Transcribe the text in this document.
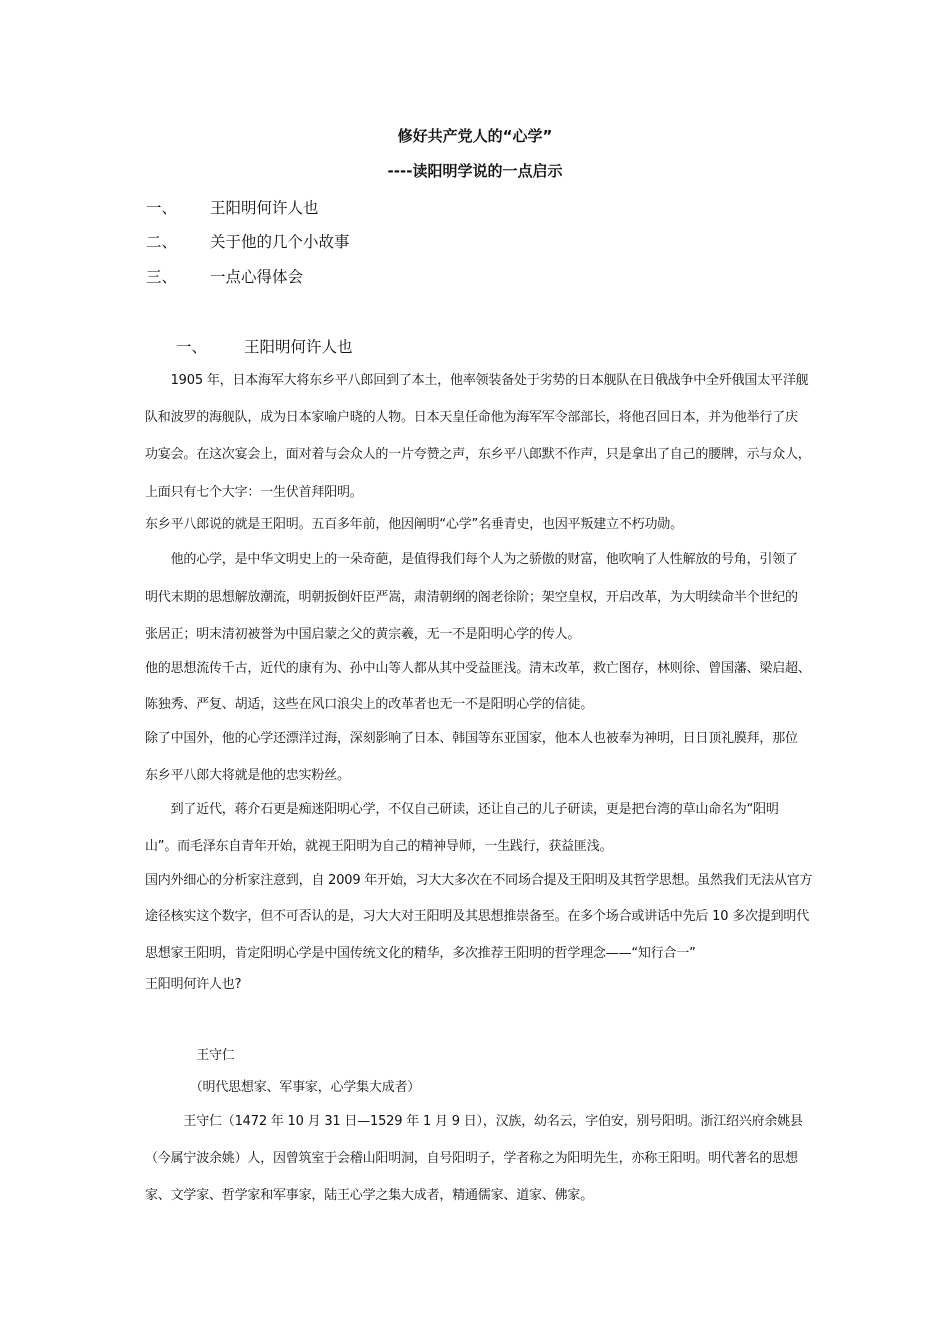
修好共产党人的“心学”
----读阳明学说的一点启示
一、 王阳明何许人也
二、 关于他的几个小故事
三、 一点心得体会
一、 王阳明何许人也
　　1905 年，日本海军大将东乡平八郎回到了本土，他率领装备处于劣势的日本舰队在日俄战争中全歼俄国太平洋舰
队和波罗的海舰队，成为日本家喻户晓的人物。日本天皇任命他为海军军令部部长，将他召回日本，并为他举行了庆
功宴会。在这次宴会上，面对着与会众人的一片夸赞之声，东乡平八郎默不作声，只是拿出了自己的腰牌，示与众人，
上面只有七个大字：一生伏首拜阳明。
东乡平八郎说的就是王阳明。五百多年前，他因阐明“心学”名垂青史，也因平叛建立不朽功勋。
　　他的心学，是中华文明史上的一朵奇葩，是值得我们每个人为之骄傲的财富，他吹响了人性解放的号角，引领了
明代末期的思想解放潮流，明朝扳倒奸臣严嵩，肃清朝纲的阁老徐阶；架空皇权，开启改革，为大明续命半个世纪的
张居正；明末清初被誉为中国启蒙之父的黄宗羲，无一不是阳明心学的传人。
他的思想流传千古，近代的康有为、孙中山等人都从其中受益匪浅。清末改革，救亡图存，林则徐、曾国藩、梁启超、
陈独秀、严复、胡适，这些在风口浪尖上的改革者也无一不是阳明心学的信徒。
除了中国外，他的心学还漂洋过海，深刻影响了日本、韩国等东亚国家，他本人也被奉为神明，日日顶礼膜拜，那位
东乡平八郎大将就是他的忠实粉丝。
　　到了近代，蒋介石更是痴迷阳明心学，不仅自己研读，还让自己的儿子研读，更是把台湾的草山命名为“阳明
山”。而毛泽东自青年开始，就视王阳明为自己的精神导师，一生践行，获益匪浅。
国内外细心的分析家注意到，自 2009 年开始，习大大多次在不同场合提及王阳明及其哲学思想。虽然我们无法从官方
途径核实这个数字，但不可否认的是，习大大对王阳明及其思想推崇备至。在多个场合或讲话中先后 10 多次提到明代
思想家王阳明，肯定阳明心学是中国传统文化的精华，多次推荐王阳明的哲学理念——“知行合一”
王阳明何许人也?
　　　　王守仁
　　　　（明代思想家、军事家，心学集大成者）
　　　王守仁（1472 年 10 月 31 日—1529 年 1 月 9 日），汉族，幼名云，字伯安，别号阳明。浙江绍兴府余姚县
（今属宁波余姚）人，因曾筑室于会稽山阳明洞，自号阳明子，学者称之为阳明先生，亦称王阳明。明代著名的思想
家、文学家、哲学家和军事家，陆王心学之集大成者，精通儒家、道家、佛家。
